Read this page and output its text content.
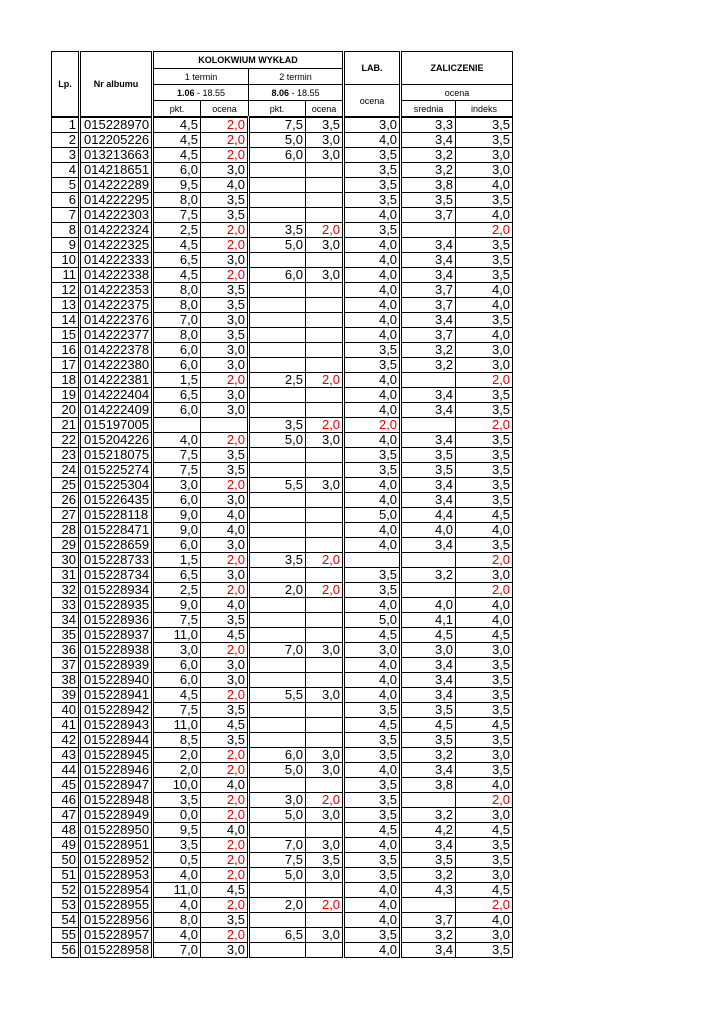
Lp.	Nr albumu	KOLOKWIUM WYKŁAD				LAB.	ZALICZENIE	
		1 termin		2 termin				
		1.06 - 18.55		8.06 - 18.55		ocena	ocena	
		pkt.	ocena	pkt.	ocena		srednia	indeks
1	015228970	4,5	2,0	7,5	3,5	3,0	3,3	3,5
2	012205226	4,5	2,0	5,0	3,0	4,0	3,4	3,5
3	013213663	4,5	2,0	6,0	3,0	3,5	3,2	3,0
4	014218651	6,0	3,0			3,5	3,2	3,0
5	014222289	9,5	4,0			3,5	3,8	4,0
6	014222295	8,0	3,5			3,5	3,5	3,5
7	014222303	7,5	3,5			4,0	3,7	4,0
8	014222324	2,5	2,0	3,5	2,0	3,5		2,0
9	014222325	4,5	2,0	5,0	3,0	4,0	3,4	3,5
10	014222333	6,5	3,0			4,0	3,4	3,5
11	014222338	4,5	2,0	6,0	3,0	4,0	3,4	3,5
12	014222353	8,0	3,5			4,0	3,7	4,0
13	014222375	8,0	3,5			4,0	3,7	4,0
14	014222376	7,0	3,0			4,0	3,4	3,5
15	014222377	8,0	3,5			4,0	3,7	4,0
16	014222378	6,0	3,0			3,5	3,2	3,0
17	014222380	6,0	3,0			3,5	3,2	3,0
18	014222381	1,5	2,0	2,5	2,0	4,0		2,0
19	014222404	6,5	3,0			4,0	3,4	3,5
20	014222409	6,0	3,0			4,0	3,4	3,5
21	015197005			3,5	2,0	2,0		2,0
22	015204226	4,0	2,0	5,0	3,0	4,0	3,4	3,5
23	015218075	7,5	3,5			3,5	3,5	3,5
24	015225274	7,5	3,5			3,5	3,5	3,5
25	015225304	3,0	2,0	5,5	3,0	4,0	3,4	3,5
26	015226435	6,0	3,0			4,0	3,4	3,5
27	015228118	9,0	4,0			5,0	4,4	4,5
28	015228471	9,0	4,0			4,0	4,0	4,0
29	015228659	6,0	3,0			4,0	3,4	3,5
30	015228733	1,5	2,0	3,5	2,0			2,0
31	015228734	6,5	3,0			3,5	3,2	3,0
32	015228934	2,5	2,0	2,0	2,0	3,5		2,0
33	015228935	9,0	4,0			4,0	4,0	4,0
34	015228936	7,5	3,5			5,0	4,1	4,0
35	015228937	11,0	4,5			4,5	4,5	4,5
36	015228938	3,0	2,0	7,0	3,0	3,0	3,0	3,0
37	015228939	6,0	3,0			4,0	3,4	3,5
38	015228940	6,0	3,0			4,0	3,4	3,5
39	015228941	4,5	2,0	5,5	3,0	4,0	3,4	3,5
40	015228942	7,5	3,5			3,5	3,5	3,5
41	015228943	11,0	4,5			4,5	4,5	4,5
42	015228944	8,5	3,5			3,5	3,5	3,5
43	015228945	2,0	2,0	6,0	3,0	3,5	3,2	3,0
44	015228946	2,0	2,0	5,0	3,0	4,0	3,4	3,5
45	015228947	10,0	4,0			3,5	3,8	4,0
46	015228948	3,5	2,0	3,0	2,0	3,5		2,0
47	015228949	0,0	2,0	5,0	3,0	3,5	3,2	3,0
48	015228950	9,5	4,0			4,5	4,2	4,5
49	015228951	3,5	2,0	7,0	3,0	4,0	3,4	3,5
50	015228952	0,5	2,0	7,5	3,5	3,5	3,5	3,5
51	015228953	4,0	2,0	5,0	3,0	3,5	3,2	3,0
52	015228954	11,0	4,5			4,0	4,3	4,5
53	015228955	4,0	2,0	2,0	2,0	4,0		2,0
54	015228956	8,0	3,5			4,0	3,7	4,0
55	015228957	4,0	2,0	6,5	3,0	3,5	3,2	3,0
56	015228958	7,0	3,0			4,0	3,4	3,5
